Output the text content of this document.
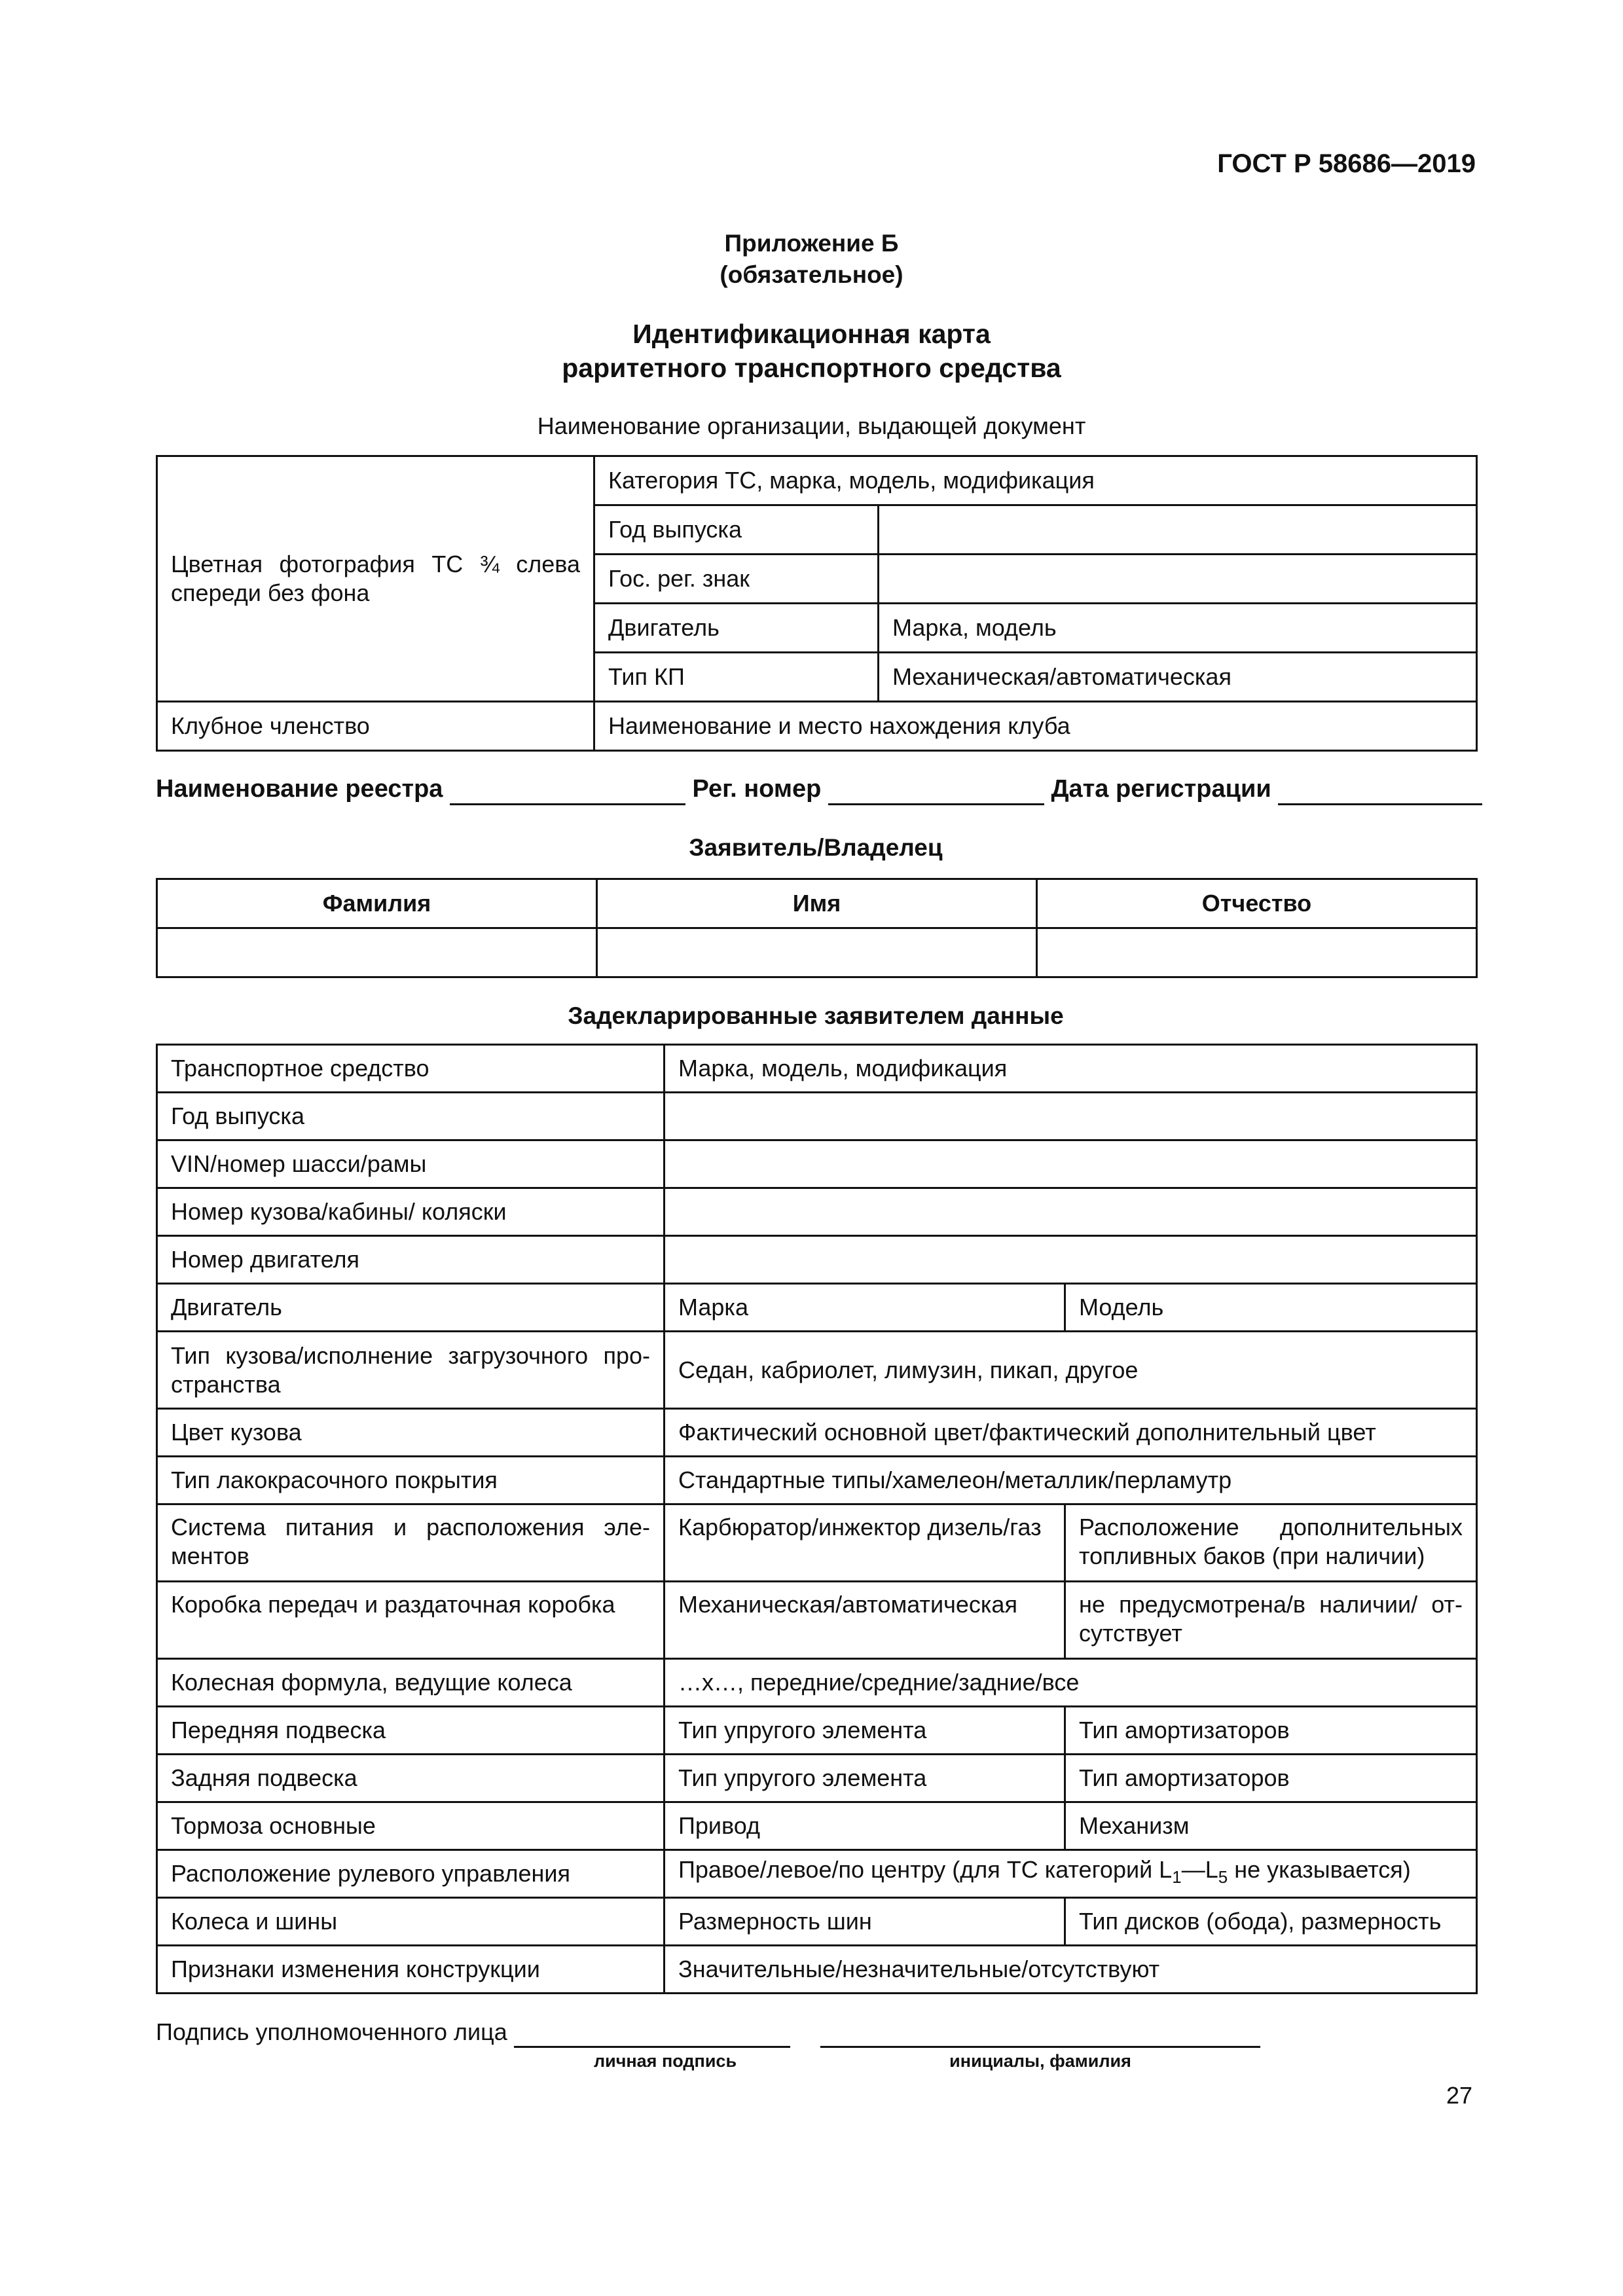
ГОСТ Р 58686—2019
Приложение Б
(обязательное)
Идентификационная карта
раритетного транспортного средства
Наименование организации, выдающей документ
Цветная фотография ТС ¾ слева спереди без фона	Категория ТС, марка, модель, модификация	
	Год выпуска	
	Гос. рег. знак	
	Двигатель	Марка, модель
	Тип КП	Механическая/автоматическая
Клубное членство	Наименование и место нахождения клуба	
Наименование реестра	Рег. номер	Дата регистрации
Заявитель/Владелец
Фамилия	Имя	Отчество

Задекларированные заявителем данные
Транспортное средство	Марка, модель, модификация	
Год выпуска		
VIN/номер шасси/рамы		
Номер кузова/кабины/ коляски		
Номер двигателя		
Двигатель	Марка	Модель
Тип кузова/исполнение загрузочного про-странства	Седан, кабриолет, лимузин, пикап, другое	
Цвет кузова	Фактический основной цвет/фактический дополнительный цвет	
Тип лакокрасочного покрытия	Стандартные типы/хамелеон/металлик/перламутр	
Система питания и расположения эле-ментов	Карбюратор/инжектор дизель/газ	Расположение дополнительных топливных баков (при наличии)
Коробка передач и раздаточная коробка	Механическая/автоматическая	не предусмотрена/в наличии/ от-сутствует
Колесная формула, ведущие колеса	…х…, передние/средние/задние/все	
Передняя подвеска	Тип упругого элемента	Тип амортизаторов
Задняя подвеска	Тип упругого элемента	Тип амортизаторов
Тормоза основные	Привод	Механизм
Расположение рулевого управления	Правое/левое/по центру (для ТС категорий $L_1—L_5$ не указывается)	
Колеса и шины	Размерность шин	Тип дисков (обода), размерность
Признаки изменения конструкции	Значительные/незначительные/отсутствуют	
Подпись уполномоченного лица
личная подпись	инициалы, фамилия
27
